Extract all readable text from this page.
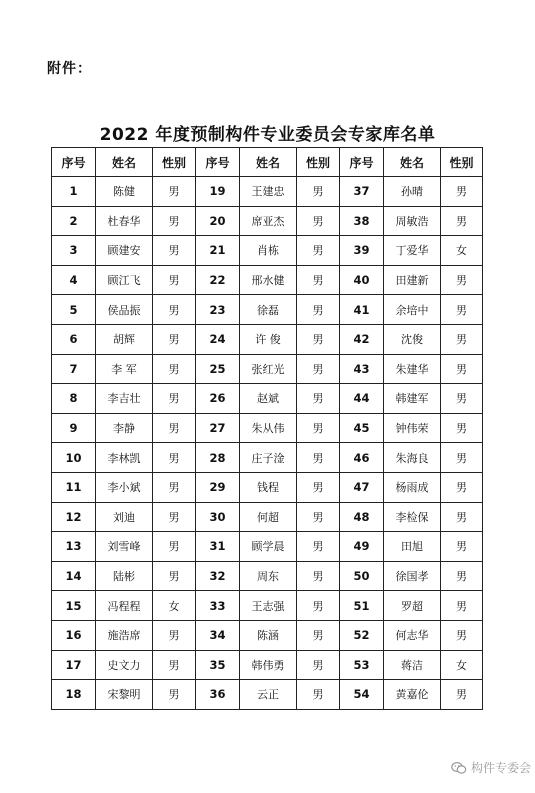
附件：
2022 年度预制构件专业委员会专家库名单
序号	姓名	性别	序号	姓名	性别	序号	姓名	性别
1	陈健	男	19	王建忠	男	37	孙晴	男
2	杜春华	男	20	席亚杰	男	38	周敏浩	男
3	顾建安	男	21	肖栋	男	39	丁爱华	女
4	顾江飞	男	22	邢水健	男	40	田建新	男
5	侯品振	男	23	徐磊	男	41	余培中	男
6	胡辉	男	24	许 俊	男	42	沈俊	男
7	李 军	男	25	张红光	男	43	朱建华	男
8	李吉壮	男	26	赵斌	男	44	韩建军	男
9	李静	男	27	朱从伟	男	45	钟伟荣	男
10	李林凯	男	28	庄子淦	男	46	朱海良	男
11	李小斌	男	29	钱程	男	47	杨雨成	男
12	刘迪	男	30	何超	男	48	李检保	男
13	刘雪峰	男	31	顾学晨	男	49	田旭	男
14	陆彬	男	32	周东	男	50	徐国孝	男
15	冯程程	女	33	王志强	男	51	罗超	男
16	施浩席	男	34	陈涵	男	52	何志华	男
17	史文力	男	35	韩伟勇	男	53	蒋洁	女
18	宋黎明	男	36	云正	男	54	黄嘉伦	男
构件专委会
